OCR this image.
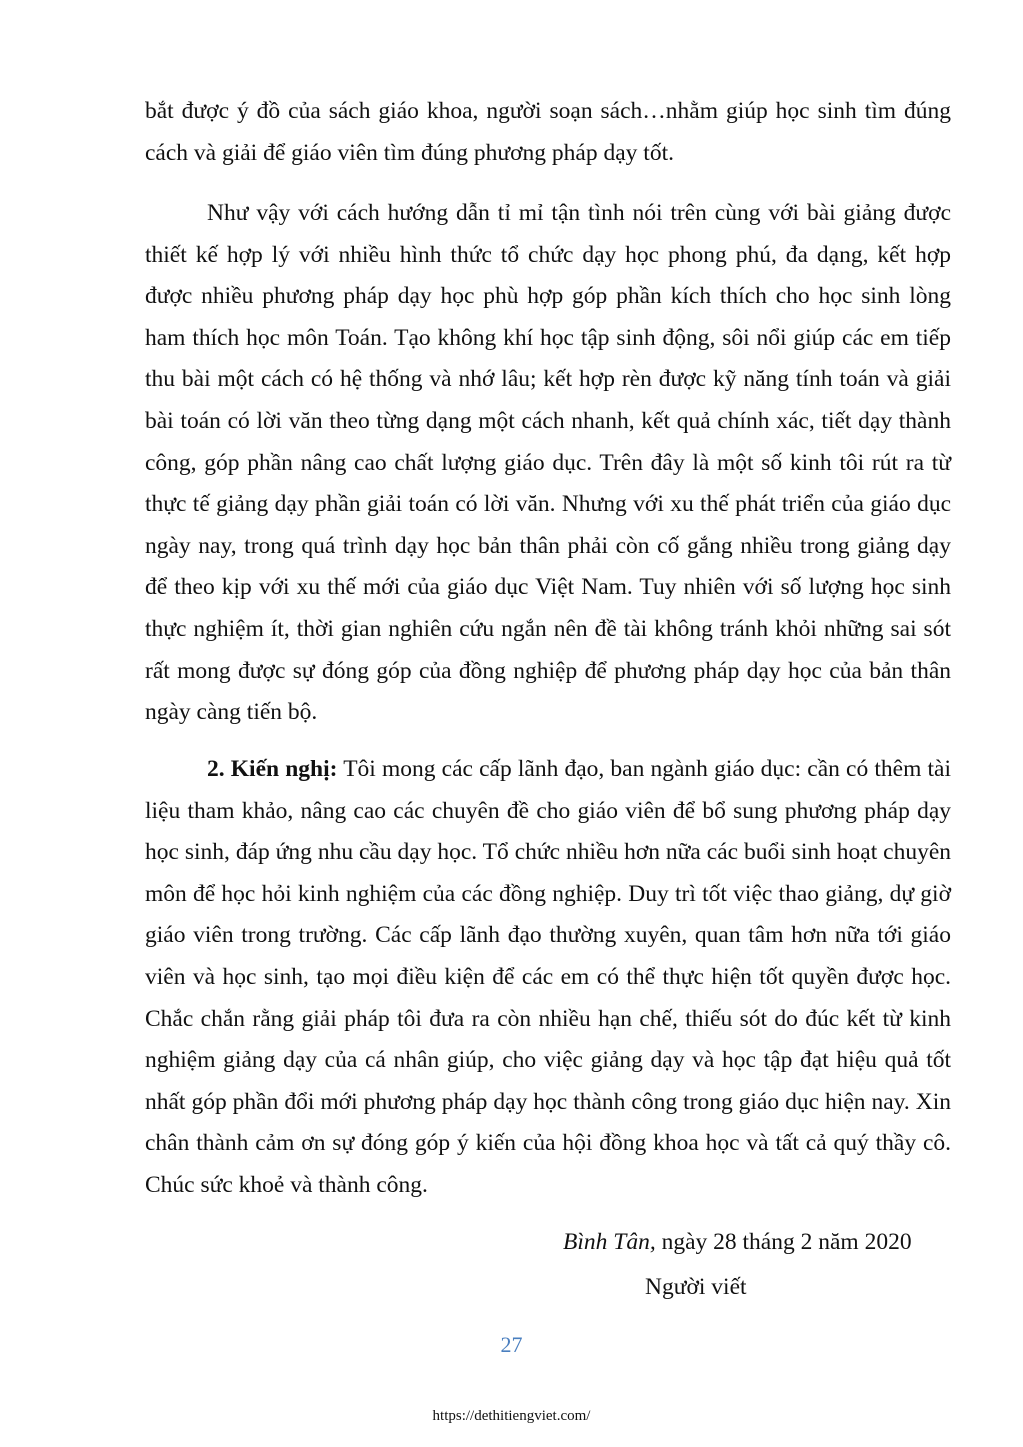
bắt được ý đồ của sách giáo khoa, người soạn sách…nhằm giúp học sinh tìm đúng cách và giải để giáo viên tìm đúng phương pháp dạy tốt.

Như vậy với cách hướng dẫn tỉ mỉ tận tình nói trên cùng với bài giảng được thiết kế hợp lý với nhiều hình thức tổ chức dạy học phong phú, đa dạng, kết hợp được nhiều phương pháp dạy học phù hợp góp phần kích thích cho học sinh lòng ham thích học môn Toán. Tạo không khí học tập sinh động, sôi nổi giúp các em tiếp thu bài một cách có hệ thống và nhớ lâu; kết hợp rèn được kỹ năng tính toán và giải bài toán có lời văn theo từng dạng một cách nhanh, kết quả chính xác, tiết dạy thành công, góp phần nâng cao chất lượng giáo dục. Trên đây là một số kinh tôi rút ra từ thực tế giảng dạy phần giải toán có lời văn. Nhưng với xu thế phát triển của giáo dục ngày nay, trong quá trình dạy học bản thân phải còn cố gắng nhiều trong giảng dạy để theo kịp với xu thế mới của giáo dục Việt Nam. Tuy nhiên với số lượng học sinh thực nghiệm ít, thời gian nghiên cứu ngắn nên đề tài không tránh khỏi những sai sót rất mong được sự đóng góp của đồng nghiệp để phương pháp dạy học của bản thân ngày càng tiến bộ.

2. Kiến nghị: Tôi mong các cấp lãnh đạo, ban ngành giáo dục: cần có thêm tài liệu tham khảo, nâng cao các chuyên đề cho giáo viên để bổ sung phương pháp dạy học sinh, đáp ứng nhu cầu dạy học. Tổ chức nhiều hơn nữa các buổi sinh hoạt chuyên môn để học hỏi kinh nghiệm của các đồng nghiệp. Duy trì tốt việc thao giảng, dự giờ giáo viên trong trường. Các cấp lãnh đạo thường xuyên, quan tâm hơn nữa tới giáo viên và học sinh, tạo mọi điều kiện để các em có thể thực hiện tốt quyền được học. Chắc chắn rằng giải pháp tôi đưa ra còn nhiều hạn chế, thiếu sót do đúc kết từ kinh nghiệm giảng dạy của cá nhân giúp, cho việc giảng dạy và học tập đạt hiệu quả tốt nhất góp phần đổi mới phương pháp dạy học thành công trong giáo dục hiện nay. Xin chân thành cảm ơn sự đóng góp ý kiến của hội đồng khoa học và tất cả quý thầy cô. Chúc sức khoẻ và thành công.

Bình Tân, ngày 28 tháng 2 năm 2020
Người viết
27
https://dethitiengviet.com/
